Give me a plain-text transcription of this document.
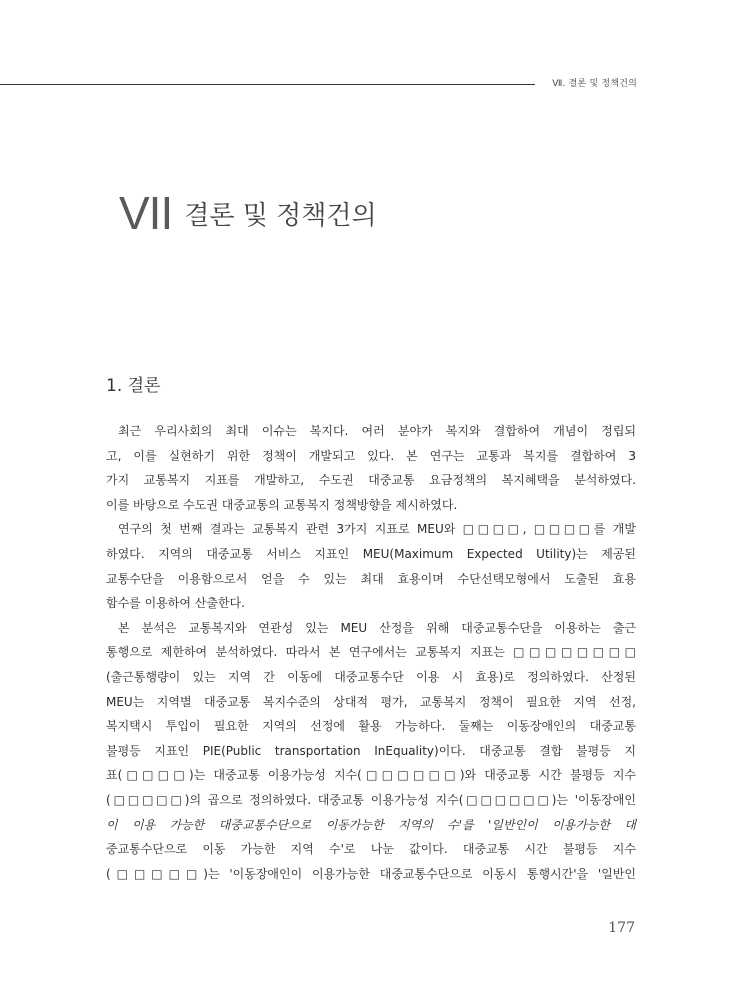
Ⅶ. 결론 및 정책건의
VII 결론 및 정책건의
1. 결론
최근 우리사회의 최대 이슈는 복지다. 여러 분야가 복지와 결합하여 개념이 정립되
고, 이를 실현하기 위한 정책이 개발되고 있다. 본 연구는 교통과 복지를 결합하여 3
가지 교통복지 지표를 개발하고, 수도권 대중교통 요금정책의 복지혜택을 분석하였다.
이를 바탕으로 수도권 대중교통의 교통복지 정책방향을 제시하였다.
연구의 첫 번째 결과는 교통복지 관련 3가지 지표로 MEU와 □□□□, □□□□를 개발
하였다. 지역의 대중교통 서비스 지표인 MEU(Maximum Expected Utility)는 제공된
교통수단을 이용함으로서 얻을 수 있는 최대 효용이며 수단선택모형에서 도출된 효용
함수를 이용하여 산출한다.
본 분석은 교통복지와 연관성 있는 MEU 산정을 위해 대중교통수단을 이용하는 출근
통행으로 제한하여 분석하였다. 따라서 본 연구에서는 교통복지 지표는 □□□□□□□□
(출근통행량이 있는 지역 간 이동에 대중교통수단 이용 시 효용)로 정의하였다. 산정된
MEU는 지역별 대중교통 복지수준의 상대적 평가, 교통복지 정책이 필요한 지역 선정,
복지택시 투입이 필요한 지역의 선정에 활용 가능하다. 둘째는 이동장애인의 대중교통
불평등 지표인 PIE(Public transportation InEquality)이다. 대중교통 결합 불평등 지
표(□□□□)는 대중교통 이용가능성 지수(□□□□□□)와 대중교통 시간 불평등 지수
(□□□□□)의 곱으로 정의하였다. 대중교통 이용가능성 지수(□□□□□□)는 '이동장애인
이 이용 가능한 대중교통수단으로 이동가능한 지역의 수'를 '일반인이 이용가능한 대
중교통수단으로 이동 가능한 지역 수'로 나눈 값이다. 대중교통 시간 불평등 지수
(□□□□□)는 '이동장애인이 이용가능한 대중교통수단으로 이동시 통행시간'을 '일반인
177
